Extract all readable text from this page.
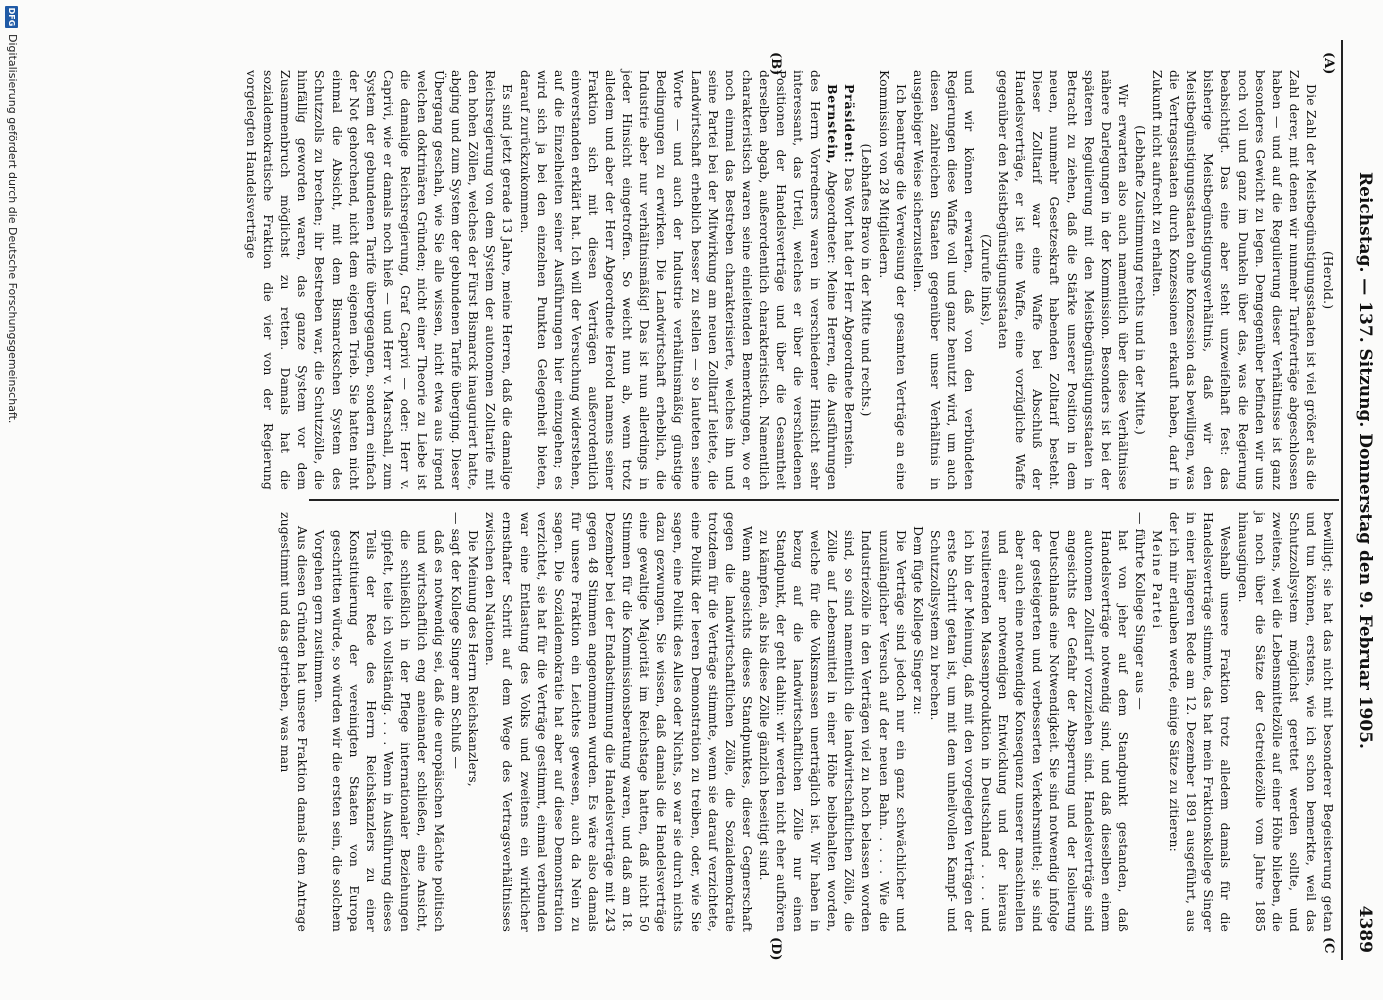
Reichstag. — 137. Sitzung. Donnerstag den 9. Februar 1905.
4389
(A)
(B)
(C
(D)

(Herold.)

Die Zahl der Meistbegünstigungsstaaten ist viel größer als die Zahl derer, mit denen wir nunmehr Tarifverträge abgeschlossen haben — und auf die Regulierung dieser Verhältnisse ist ganz besonderes Gewicht zu legen. Demgegenüber befinden wir uns noch voll und ganz im Dunkeln über das, was die Regierung beabsichtigt. Das eine aber steht unzweifelhaft fest: das bisherige Meistbegünstigungsverhältnis, daß wir den Meistbegünstigungsstaaten ohne Konzession das bewilligen, was die Vertragsstaaten durch Konzessionen erkauft haben, darf in Zukunft nicht aufrecht zu erhalten.

(Lebhafte Zustimmung rechts und in der Mitte.)

Wir erwarten also auch namentlich über diese Verhältnisse nähere Darlegungen in der Kommission. Besonders ist bei der späteren Regulierung mit den Meistbegünstigungsstaaten in Betracht zu ziehen, daß die Stärke unserer Position in dem neuen, nunmehr Gesetzeskraft habenden Zolltarif besteht. Dieser Zolltarif war eine Waffe bei Abschluß der Handelsverträge, er ist eine Waffe, eine vorzügliche Waffe gegenüber den Meistbegünstigungsstaaten

(Zurufe links),

und wir können erwarten, daß von den verbündeten Regierungen diese Waffe voll und ganz benutzt wird, um auch diesen zahlreichen Staaten gegenüber unser Verhältnis in ausgiebiger Weise sicherzustellen.

Ich beantrage die Verweisung der gesamten Verträge an eine Kommission von 28 Mitgliedern.

(Lebhaftes Bravo in der Mitte und rechts.)

Präsident: Das Wort hat der Herr Abgeordnete Bernstein.

Bernstein, Abgeordneter: Meine Herren, die Ausführungen des Herrn Vorredners waren in verschiedener Hinsicht sehr interessant, das Urteil, welches er über die verschiedenen Positionen der Handelsverträge und über die Gesamtheit derselben abgab, außerordentlich charakteristisch. Namentlich charakteristisch waren seine einleitenden Bemerkungen, wo er noch einmal das Bestreben charakterisierte, welches ihn und seine Partei bei der Mitwirkung am neuen Zolltarif leitete, die Landwirtschaft erheblich besser zu stellen — so lauteten seine Worte — und auch der Industrie verhältnismäßig günstige Bedingungen zu erwirken. Die Landwirtschaft erheblich, die Industrie aber nur verhältnismäßig! Das ist nun allerdings in jeder Hinsicht eingetroffen. So weicht nun ab, wenn trotz alledem und aber der Herr Abgeordnete Herold namens seiner Fraktion sich mit diesen Verträgen außerordentlich einverstanden erklärt hat. Ich will der Versuchung widerstehen, auf die Einzelheiten seiner Ausführungen hier einzugehen; es wird sich ja bei den einzelnen Punkten Gelegenheit bieten, darauf zurückzukommen.

Es sind jetzt gerade 13 Jahre, meine Herren, daß die damalige Reichsregierung von dem System der autonomen Zolltarife mit den hohen Zöllen, welches der Fürst Bismarck inauguriert hatte, abging und zum System der gebundenen Tarife überging. Dieser Übergang geschah, wie Sie alle wissen, nicht etwa aus irgend welchen doktrinären Gründen; nicht einer Theorie zu Liebe ist die damalige Reichsregierung, Graf Caprivi — oder: Herr v. Caprivi, wie er damals noch hieß — und Herr v. Marschall, zum System der gebundenen Tarife übergegangen, sondern einfach der Not gehorchend, nicht dem eigenen Trieb. Sie hatten nicht einmal die Absicht, mit dem Bismarckschen System des Schutzzolls zu brechen; ihr Bestreben war, die Schutzzölle, die hinfällig geworden waren, das ganze System vor dem Zusammenbruch möglichst zu retten. Damals hat die sozialdemokratische Fraktion die vier von der Regierung vorgelegten Handelsverträge

bewilligt; sie hat das nicht mit besonderer Begeisterung getan und tun können, erstens, wie ich schon bemerkte, weil das Schutzzollsystem möglichst gerettet werden sollte, und zweitens, weil die Lebensmittelzölle auf einer Höhe blieben, die ja noch über die Sätze der Getreidezölle vom Jahre 1885 hinausgingen.

Weshalb unsere Fraktion trotz alledem damals für die Handelsverträge stimmte, das hat mein Fraktionskollege Singer in einer längeren Rede am 12. Dezember 1891 ausgeführt, aus der ich mir erlauben werde, einige Sätze zu zitieren:

Meine Partei

— führte Kollege Singer aus —

hat von jeher auf dem Standpunkt gestanden, daß Handelsverträge notwendig sind, und daß dieselben einem autonomen Zolltarif vorzuziehen sind. Handelsverträge sind angesichts der Gefahr der Absperrung und der Isolierung Deutschlands eine Notwendigkeit. Sie sind notwendig infolge der gesteigerten und verbesserten Verkehrsmittel; sie sind aber auch eine notwendige Konsequenz unserer maschinellen und einer notwendigen Entwicklung und der hieraus resultierenden Massenproduktion in Deutschland . . . . und ich bin der Meinung, daß mit den vorgelegten Verträgen der erste Schritt getan ist, um mit dem unheilvollen Kampf- und Schutzzollsystem zu brechen.

Dem fügte Kollege Singer zu:

Die Verträge sind jedoch nur ein ganz schwächlicher und unzulänglicher Versuch auf der neuen Bahn. . . . . Wie die Industriezölle in den Verträgen viel zu hoch belassen worden sind, so sind namentlich die landwirtschaftlichen Zölle, die Zölle auf Lebensmittel in einer Höhe beibehalten worden, welche für die Volksmassen unerträglich ist. Wir haben in bezug auf die landwirtschaftlichen Zölle nur einen Standpunkt, der geht dahin: wir werden nicht eher aufhören zu kämpfen, als bis diese Zölle gänzlich beseitigt sind.

Wenn angesichts dieses Standpunktes, dieser Gegnerschaft gegen die landwirtschaftlichen Zölle, die Sozialdemokratie trotzdem für die Verträge stimmte, wenn sie darauf verzichtete, eine Politik der leeren Demonstration zu treiben, oder, wie Sie sagen, eine Politik des Alles oder Nichts, so war sie durch nichts dazu gezwungen. Sie wissen, daß damals die Handelsverträge eine gewaltige Majorität im Reichstage hatten, daß nicht 50 Stimmen für die Kommissionsberatung waren, und daß am 18. Dezember bei der Endabstimmung die Handelsverträge mit 243 gegen 48 Stimmen angenommen wurden. Es wäre also damals für unsere Fraktion ein Leichtes gewesen, auch da Nein zu sagen. Die Sozialdemokratie hat aber auf diese Demonstration verzichtet, sie hat für die Verträge gestimmt, einmal verbunden war eine Entlastung des Volks und zweitens ein wirklicher ernsthafter Schritt auf dem Wege des Vertragsverhältnisses zwischen den Nationen.

Die Meinung des Herrn Reichskanzlers,

— sagt der Kollege Singer am Schluß —

daß es notwendig sei, daß die europäischen Mächte politisch und wirtschaftlich eng aneinander schließen, eine Ansicht, die schließlich in der Pflege internationaler Beziehungen gipfelt, teile ich vollständig. . . . Wenn in Ausführung dieses Teils der Rede des Herrn Reichskanzlers zu einer Konstituierung der vereinigten Staaten von Europa geschritten würde, so würden wir die ersten sein, die solchem Vorgehen gern zustimmen.

Aus diesen Gründen hat unsere Fraktion damals dem Antrage zugestimmt und das getrieben, was man

DFG
Digitalisierung gefördert durch die Deutsche Forschungsgemeinschaft.
